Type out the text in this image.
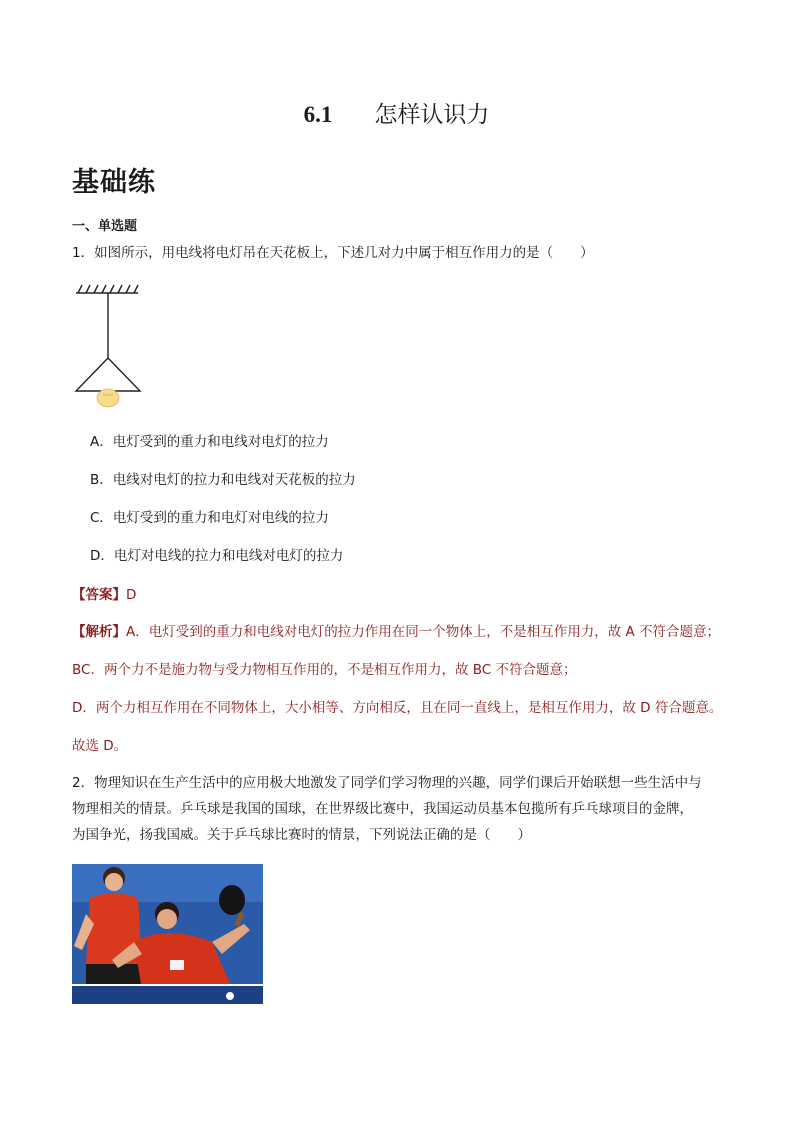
6.1 怎样认识力
基础练
一、单选题
1．如图所示，用电线将电灯吊在天花板上，下述几对力中属于相互作用力的是（　　）
A．电灯受到的重力和电线对电灯的拉力
B．电线对电灯的拉力和电线对天花板的拉力
C．电灯受到的重力和电灯对电线的拉力
D．电灯对电线的拉力和电线对电灯的拉力
【答案】D
【解析】A．电灯受到的重力和电线对电灯的拉力作用在同一个物体上，不是相互作用力，故 A 不符合题意；
BC．两个力不是施力物与受力物相互作用的，不是相互作用力，故 BC 不符合题意；
D．两个力相互作用在不同物体上，大小相等、方向相反，且在同一直线上，是相互作用力，故 D 符合题意。
故选 D。
2．物理知识在生产生活中的应用极大地激发了同学们学习物理的兴趣，同学们课后开始联想一些生活中与
物理相关的情景。乒乓球是我国的国球，在世界级比赛中，我国运动员基本包揽所有乒乓球项目的金牌，
为国争光，扬我国威。关于乒乓球比赛时的情景，下列说法正确的是（　　）
